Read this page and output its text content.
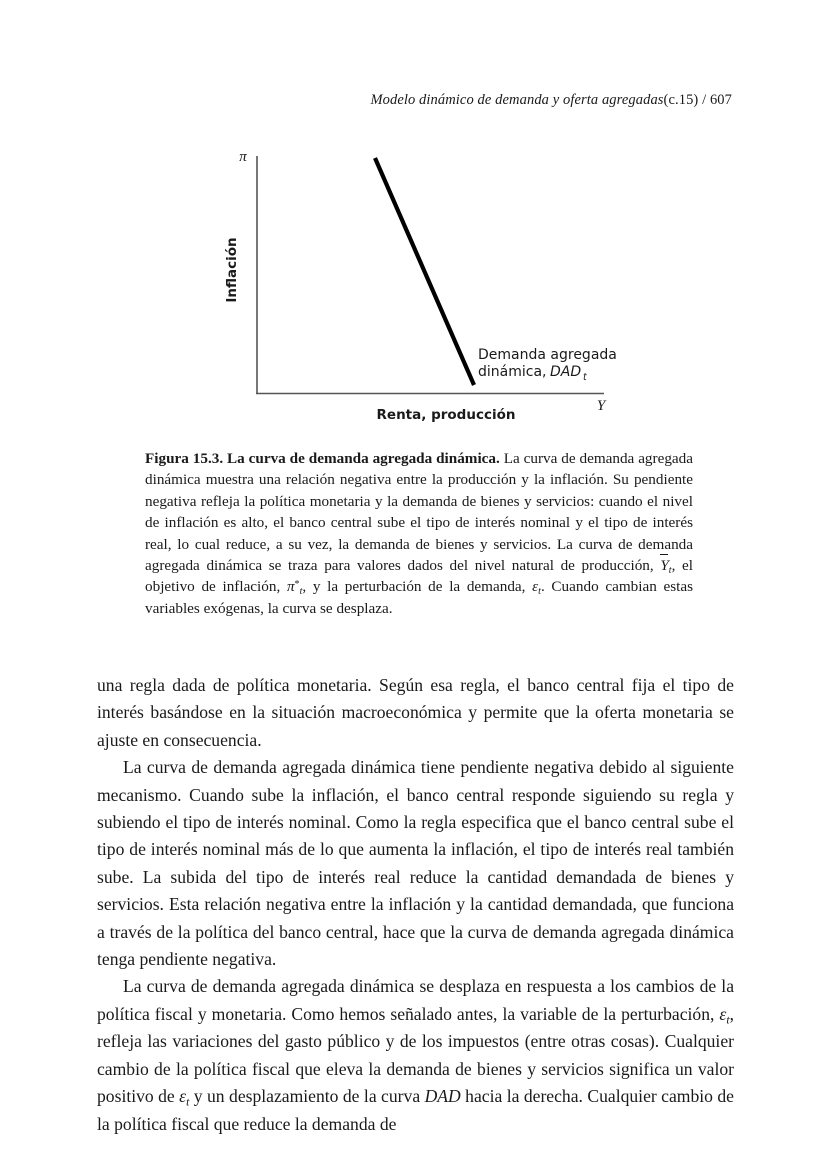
Modelo dinámico de demanda y oferta agregadas(c.15) / 607
π
Y
Inflación
Renta, producción
Demanda agregada
dinámica, DAD t
Figura 15.3. La curva de demanda agregada dinámica. La curva de demanda agregada dinámica muestra una relación negativa entre la producción y la inflación. Su pendiente negativa refleja la política monetaria y la demanda de bienes y servicios: cuando el nivel de inflación es alto, el banco central sube el tipo de interés nominal y el tipo de interés real, lo cual reduce, a su vez, la demanda de bienes y servicios. La curva de demanda agregada dinámica se traza para valores dados del nivel natural de producción, $Y_t$, el objetivo de inflación, $\pi^*_t$, y la perturbación de la demanda, $\varepsilon_t$. Cuando cambian estas variables exógenas, la curva se desplaza.

una regla dada de política monetaria. Según esa regla, el banco central fija el tipo de interés basándose en la situación macroeconómica y permite que la oferta monetaria se ajuste en consecuencia.

La curva de demanda agregada dinámica tiene pendiente negativa debido al siguiente mecanismo. Cuando sube la inflación, el banco central responde siguiendo su regla y subiendo el tipo de interés nominal. Como la regla especifica que el banco central sube el tipo de interés nominal más de lo que aumenta la inflación, el tipo de interés real también sube. La subida del tipo de interés real reduce la cantidad demandada de bienes y servicios. Esta relación negativa entre la inflación y la cantidad demandada, que funciona a través de la política del banco central, hace que la curva de demanda agregada dinámica tenga pendiente negativa.

La curva de demanda agregada dinámica se desplaza en respuesta a los cambios de la política fiscal y monetaria. Como hemos señalado antes, la variable de la perturbación, $\varepsilon_t$, refleja las variaciones del gasto público y de los impuestos (entre otras cosas). Cualquier cambio de la política fiscal que eleva la demanda de bienes y servicios significa un valor positivo de $\varepsilon_t$ y un desplazamiento de la curva DAD hacia la derecha. Cualquier cambio de la política fiscal que reduce la demanda de
